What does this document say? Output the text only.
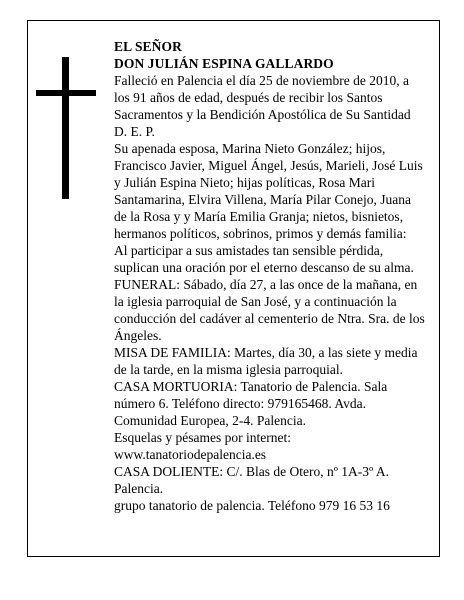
EL SEÑOR

DON JULIÁN ESPINA GALLARDO

Falleció en Palencia el día 25 de noviembre de 2010, a los 91 años de edad, después de recibir los Santos Sacramentos y la Bendición Apostólica de Su Santidad D. E. P.

Su apenada esposa, Marina Nieto González; hijos, Francisco Javier, Miguel Ángel, Jesús, Marieli, José Luis y Julián Espina Nieto; hijas políticas, Rosa Mari Santamarina, Elvira Villena, María Pilar Conejo, Juana de la Rosa y y María Emilia Granja; nietos, bisnietos, hermanos políticos, sobrinos, primos y demás familia:

Al participar a sus amistades tan sensible pérdida, suplican una oración por el eterno descanso de su alma.

FUNERAL: Sábado, día 27, a las once de la mañana, en la iglesia parroquial de San José, y a continuación la conducción del cadáver al cementerio de Ntra. Sra. de los Ángeles.

MISA DE FAMILIA: Martes, día 30, a las siete y media de la tarde, en la misma iglesia parroquial.

CASA MORTUORIA: Tanatorio de Palencia. Sala número 6. Teléfono directo: 979165468. Avda. Comunidad Europea, 2-4. Palencia.

Esquelas y pésames por internet: www.tanatoriodepalencia.es

CASA DOLIENTE: C/. Blas de Otero, nº 1A-3º A. Palencia.

grupo tanatorio de palencia. Teléfono 979 16 53 16
